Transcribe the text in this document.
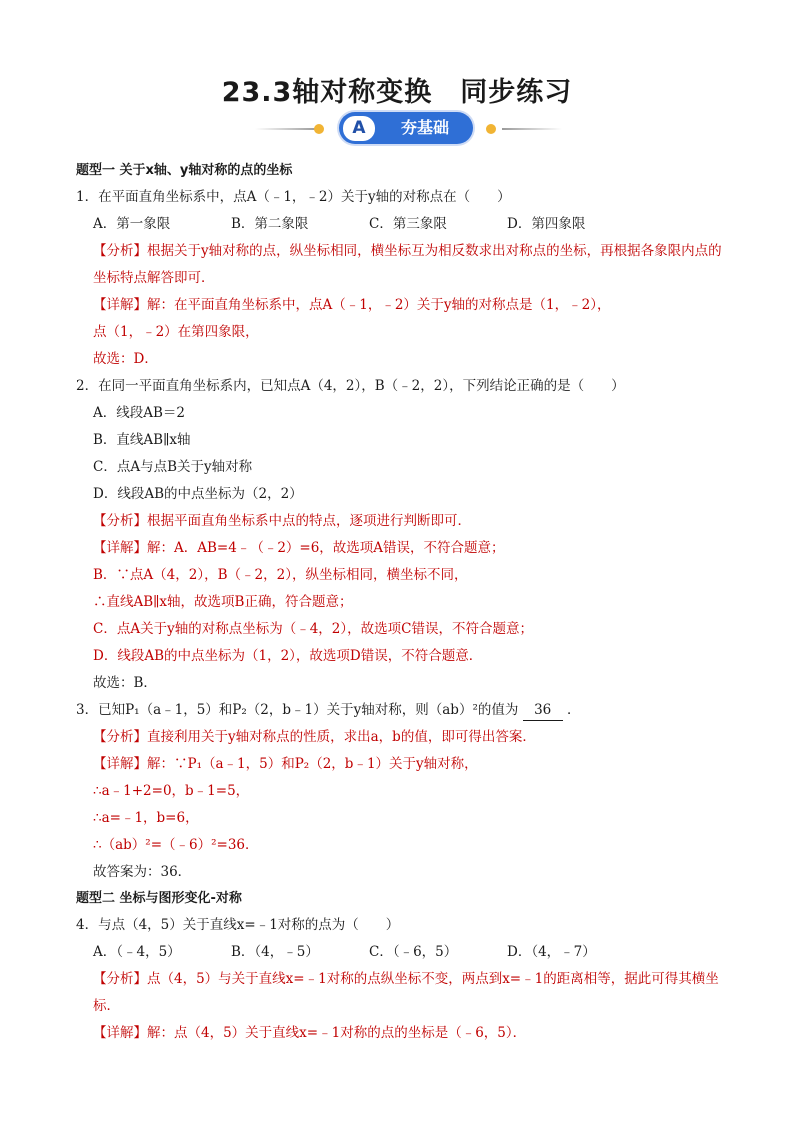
23.3轴对称变换　同步练习
A	夯基础
题型一 关于x轴、y轴对称的点的坐标
1．在平面直角坐标系中，点A（﹣1，﹣2）关于y轴的对称点在（　　）
A．第一象限	B．第二象限	C．第三象限	D．第四象限
【分析】根据关于y轴对称的点，纵坐标相同，横坐标互为相反数求出对称点的坐标，再根据各象限内点的坐标特点解答即可．
【详解】解：在平面直角坐标系中，点A（﹣1，﹣2）关于y轴的对称点是（1，﹣2），
点（1，﹣2）在第四象限，
故选：D．
2．在同一平面直角坐标系内，已知点A（4，2），B（﹣2，2），下列结论正确的是（　　）
A．线段AB＝2
B．直线AB∥x轴
C．点A与点B关于y轴对称
D．线段AB的中点坐标为（2，2）
【分析】根据平面直角坐标系中点的特点，逐项进行判断即可．
【详解】解：A．AB=4﹣（﹣2）=6，故选项A错误，不符合题意；
B．∵点A（4，2），B（﹣2，2），纵坐标相同，横坐标不同，
∴直线AB∥x轴，故选项B正确，符合题意；
C．点A关于y轴的对称点坐标为（﹣4，2），故选项C错误，不符合题意；
D．线段AB的中点坐标为（1，2），故选项D错误，不符合题意．
故选：B．
3．已知P₁（a﹣1，5）和P₂（2，b﹣1）关于y轴对称，则（ab）²的值为 36 ．
【分析】直接利用关于y轴对称点的性质，求出a，b的值，即可得出答案．
【详解】解：∵P₁（a﹣1，5）和P₂（2，b﹣1）关于y轴对称，
∴a﹣1+2=0，b﹣1=5，
∴a=﹣1，b=6，
∴（ab）²=（﹣6）²=36．
故答案为：36．
题型二 坐标与图形变化-对称
4．与点（4，5）关于直线x=﹣1对称的点为（　　）
A．（﹣4，5）	B．（4，﹣5）	C．（﹣6，5）	D．（4，﹣7）
【分析】点（4，5）与关于直线x=﹣1对称的点纵坐标不变，两点到x=﹣1的距离相等，据此可得其横坐标．
【详解】解：点（4，5）关于直线x=﹣1对称的点的坐标是（﹣6，5）．
